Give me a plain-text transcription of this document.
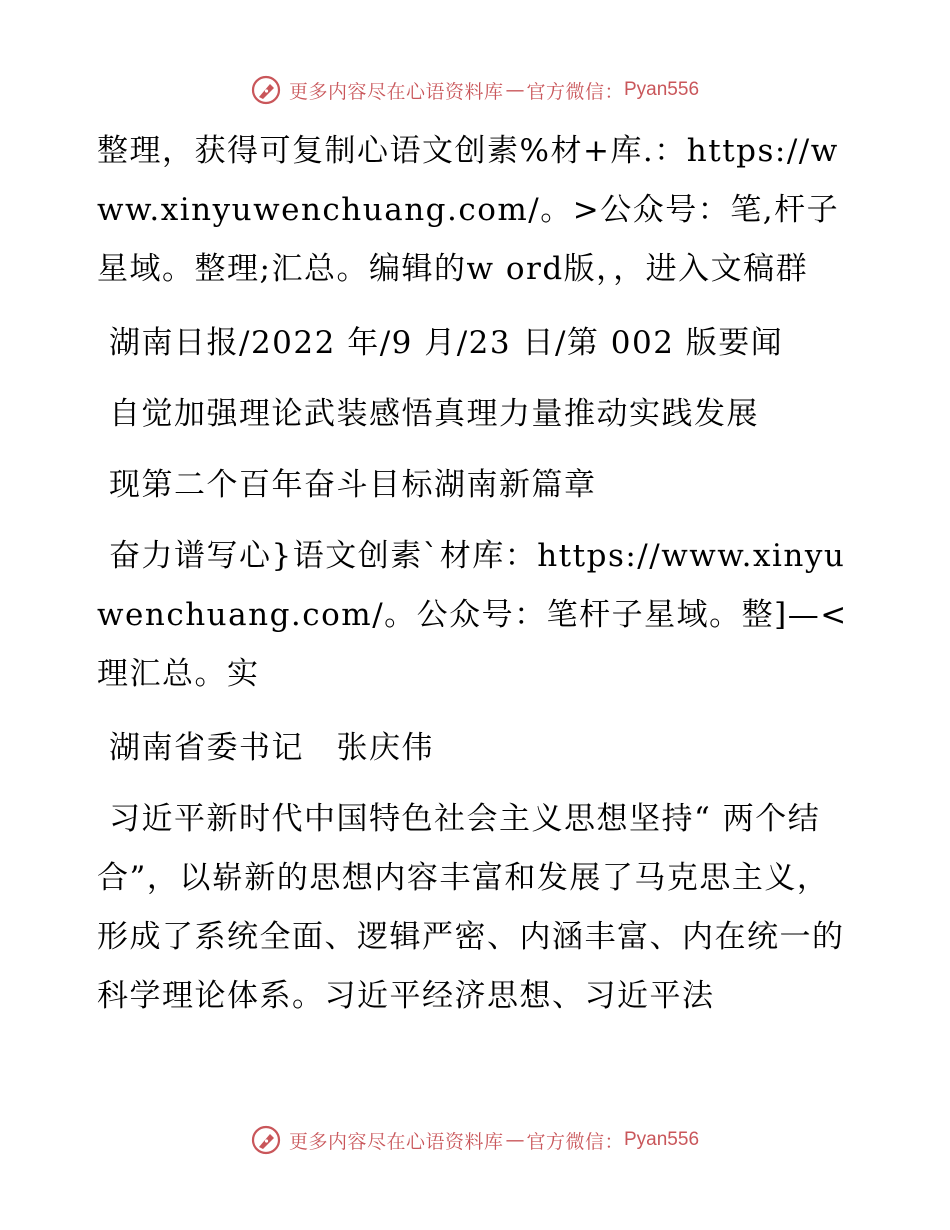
更多内容尽在心语资料库 — 官方微信： Pyan556

整理，获得可复制心语文创素%材+库.：https://www.xinyuwenchuang.com/。>公众号：笔,杆子星域。整理;汇总。编辑的w ord版，，进入文稿群

湖南日报/2022 年/9 月/23 日/第 002 版要闻

自觉加强理论武装感悟真理力量推动实践发展

现第二个百年奋斗目标湖南新篇章

奋力谱写心}语文创素`材库：https://www.xinyuwenchuang.com/。公众号：笔杆子星域。整]—<理汇总。实

湖南省委书记　张庆伟

习近平新时代中国特色社会主义思想坚持“ 两个结合”，以崭新的思想内容丰富和发展了马克思主义，形成了系统全面、逻辑严密、内涵丰富、内在统一的科学理论体系。习近平经济思想、习近平法

更多内容尽在心语资料库 — 官方微信： Pyan556
